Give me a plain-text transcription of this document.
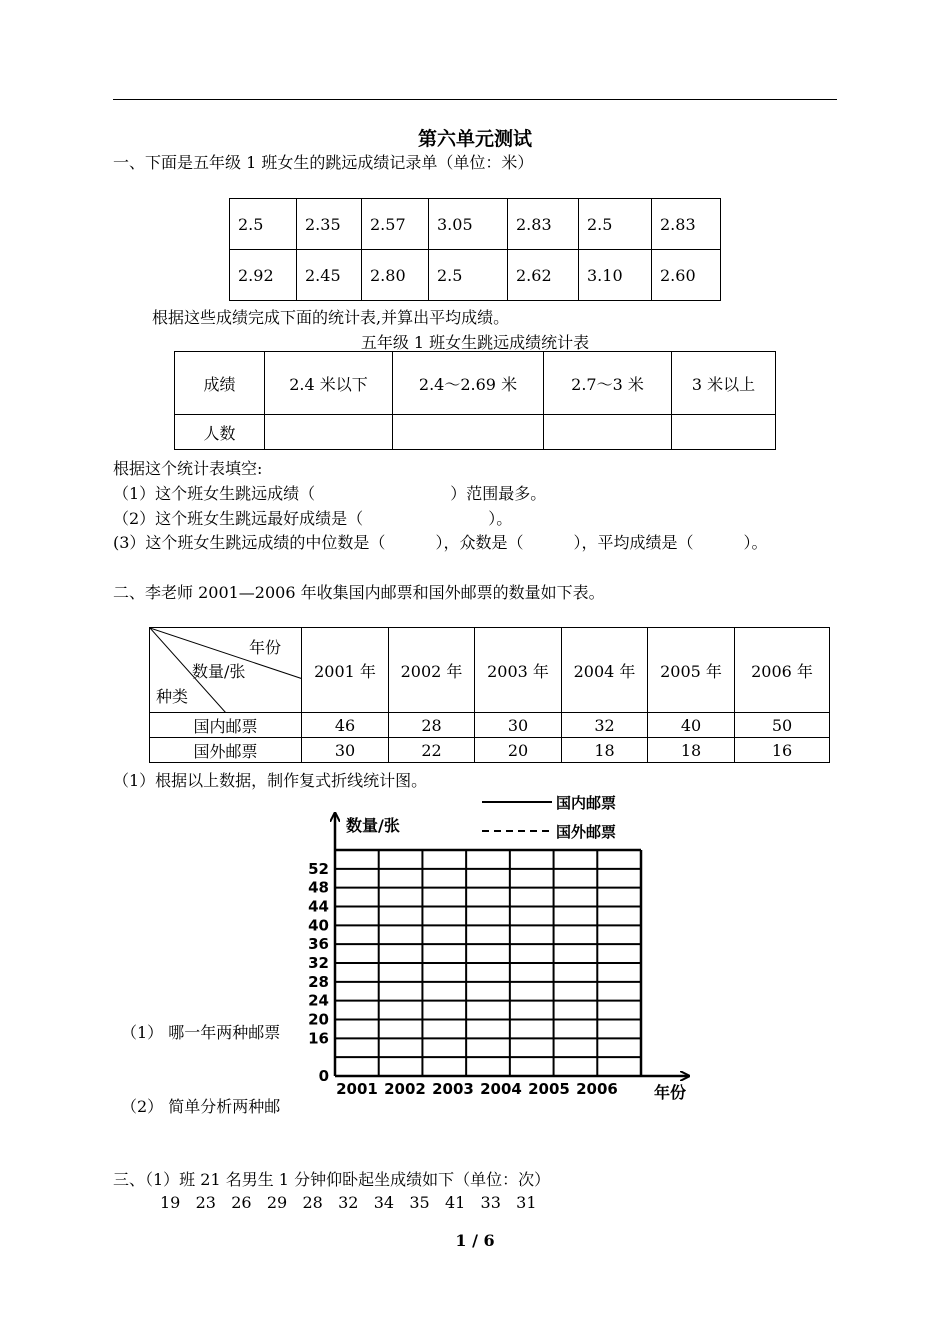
第六单元测试
一、下面是五年级 1 班女生的跳远成绩记录单（单位：米）
2.5	2.35	2.57	3.05	2.83	2.5	2.83
2.92	2.45	2.80	2.5	2.62	3.10	2.60
根据这些成绩完成下面的统计表,并算出平均成绩。
五年级 1 班女生跳远成绩统计表
成绩	2.4 米以下	2.4～2.69 米	2.7～3 米	3 米以上
人数				
根据这个统计表填空:
（1）这个班女生跳远成绩（	）范围最多。
（2）这个班女生跳远最好成绩是（	）。
(3）这个班女生跳远成绩的中位数是（	），众数是（	），平均成绩是（	）。
二、李老师 2001—2006 年收集国内邮票和国外邮票的数量如下表。
年份
数量/张
种类	2001 年	2002 年	2003 年	2004 年	2005 年	2006 年
国内邮票	46	28	30	32	40	50
国外邮票	30	22	20	18	18	16
（1）根据以上数据，制作复式折线统计图。
数量/张
年份
国内邮票
国外邮票
52
48
44
40
36
32
28
24
20
16
0
2001 2002 2003 2004 2005 2006
（1） 哪一年两种邮票
（2） 简单分析两种邮
三、（1）班 21 名男生 1 分钟仰卧起坐成绩如下（单位：次）
19   23   26   29   28   32   34   35   41   33   31
1 / 6
